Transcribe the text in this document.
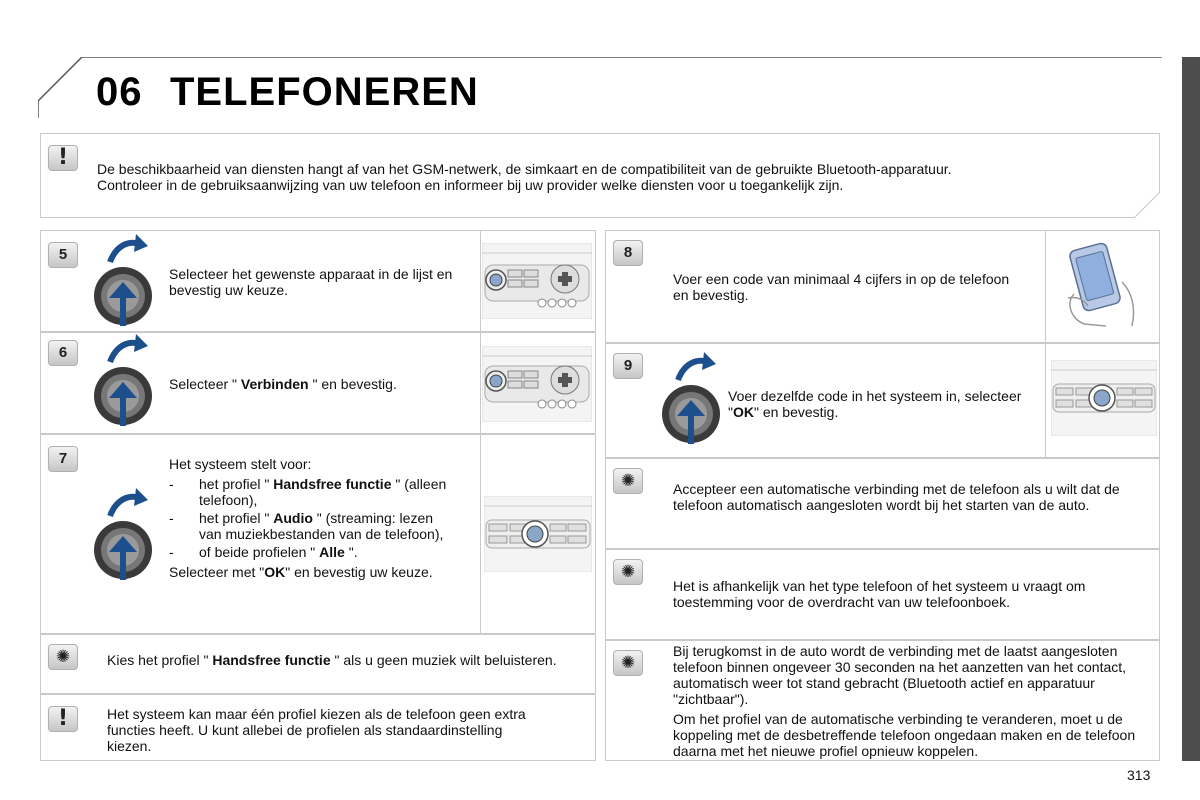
06 TELEFONEREN
!	De beschikbaarheid van diensten hangt af van het GSM-netwerk, de simkaart en de compatibiliteit van de gebruikte Bluetooth-apparatuur.
Controleer in de gebruiksaanwijzing van uw telefoon en informeer bij uw provider welke diensten voor u toegankelijk zijn.
5
Selecteer het gewenste apparaat in de lijst en bevestig uw keuze.
6
Selecteer " Verbinden " en bevestig.
7	Het systeem stelt voor:
- het profiel " Handsfree functie " (alleen telefoon),
- het profiel " Audio " (streaming: lezen van muziekbestanden van de telefoon),
- of beide profielen " Alle ".
Selecteer met "OK" en bevestig uw keuze.
✺	Kies het profiel " Handsfree functie " als u geen muziek wilt beluisteren.
!	Het systeem kan maar één profiel kiezen als de telefoon geen extra functies heeft. U kunt allebei de profielen als standaardinstelling kiezen.
8
Voer een code van minimaal 4 cijfers in op de telefoon en bevestig.
9
Voer dezelfde code in het systeem in, selecteer "OK" en bevestig.
✺	Accepteer een automatische verbinding met de telefoon als u wilt dat de telefoon automatisch aangesloten wordt bij het starten van de auto.
✺
Het is afhankelijk van het type telefoon of het systeem u vraagt om toestemming voor de overdracht van uw telefoonboek.
✺
Bij terugkomst in de auto wordt de verbinding met de laatst aangesloten telefoon binnen ongeveer 30 seconden na het aanzetten van het contact, automatisch weer tot stand gebracht (Bluetooth actief en apparatuur "zichtbaar").
Om het profiel van de automatische verbinding te veranderen, moet u de koppeling met de desbetreffende telefoon ongedaan maken en de telefoon daarna met het nieuwe profiel opnieuw koppelen.
313
